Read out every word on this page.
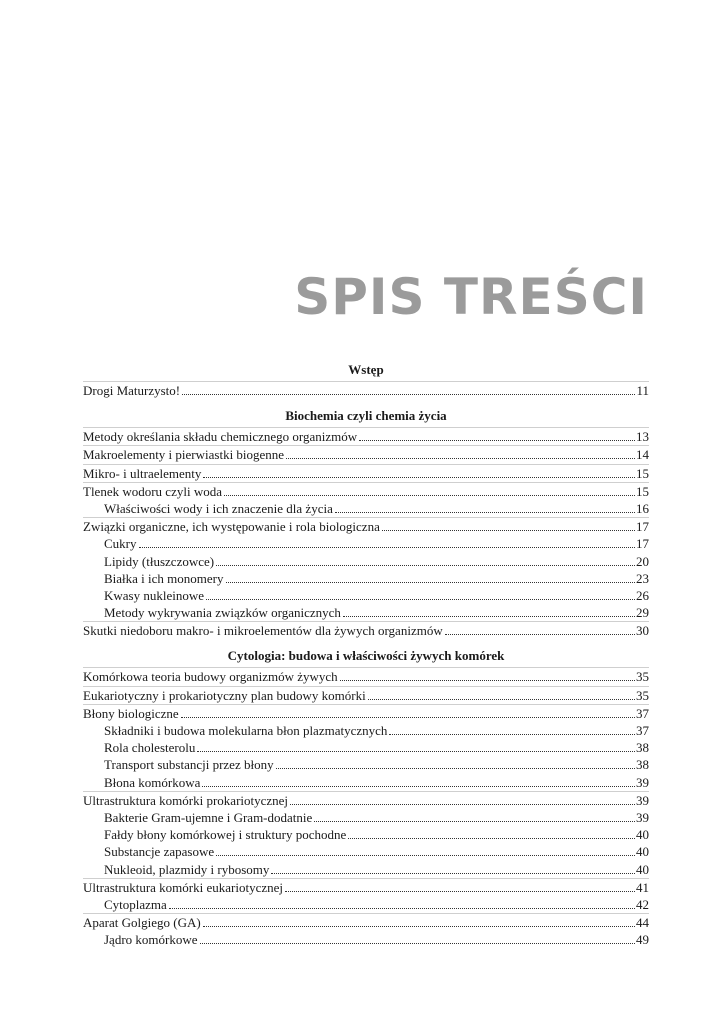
SPIS TREŚCI
Wstęp
Drogi Maturzysto!	11
Biochemia czyli chemia życia
Metody określania składu chemicznego organizmów	13
Makroelementy i pierwiastki biogenne	14
Mikro- i ultraelementy	15
Tlenek wodoru czyli woda	15
Właściwości wody i ich znaczenie dla życia	16
Związki organiczne, ich występowanie i rola biologiczna	17
Cukry	17
Lipidy (tłuszczowce)	20
Białka i ich monomery	23
Kwasy nukleinowe	26
Metody wykrywania związków organicznych	29
Skutki niedoboru makro- i mikroelementów dla żywych organizmów	30
Cytologia: budowa i właściwości żywych komórek
Komórkowa teoria budowy organizmów żywych	35
Eukariotyczny i prokariotyczny plan budowy komórki	35
Błony biologiczne	37
Składniki i budowa molekularna błon plazmatycznych	37
Rola cholesterolu	38
Transport substancji przez błony	38
Błona komórkowa	39
Ultrastruktura komórki prokariotycznej	39
Bakterie Gram-ujemne i Gram-dodatnie	39
Fałdy błony komórkowej i struktury pochodne	40
Substancje zapasowe	40
Nukleoid, plazmidy i rybosomy	40
Ultrastruktura komórki eukariotycznej	41
Cytoplazma	42
Aparat Golgiego (GA)	44
Jądro komórkowe	49
